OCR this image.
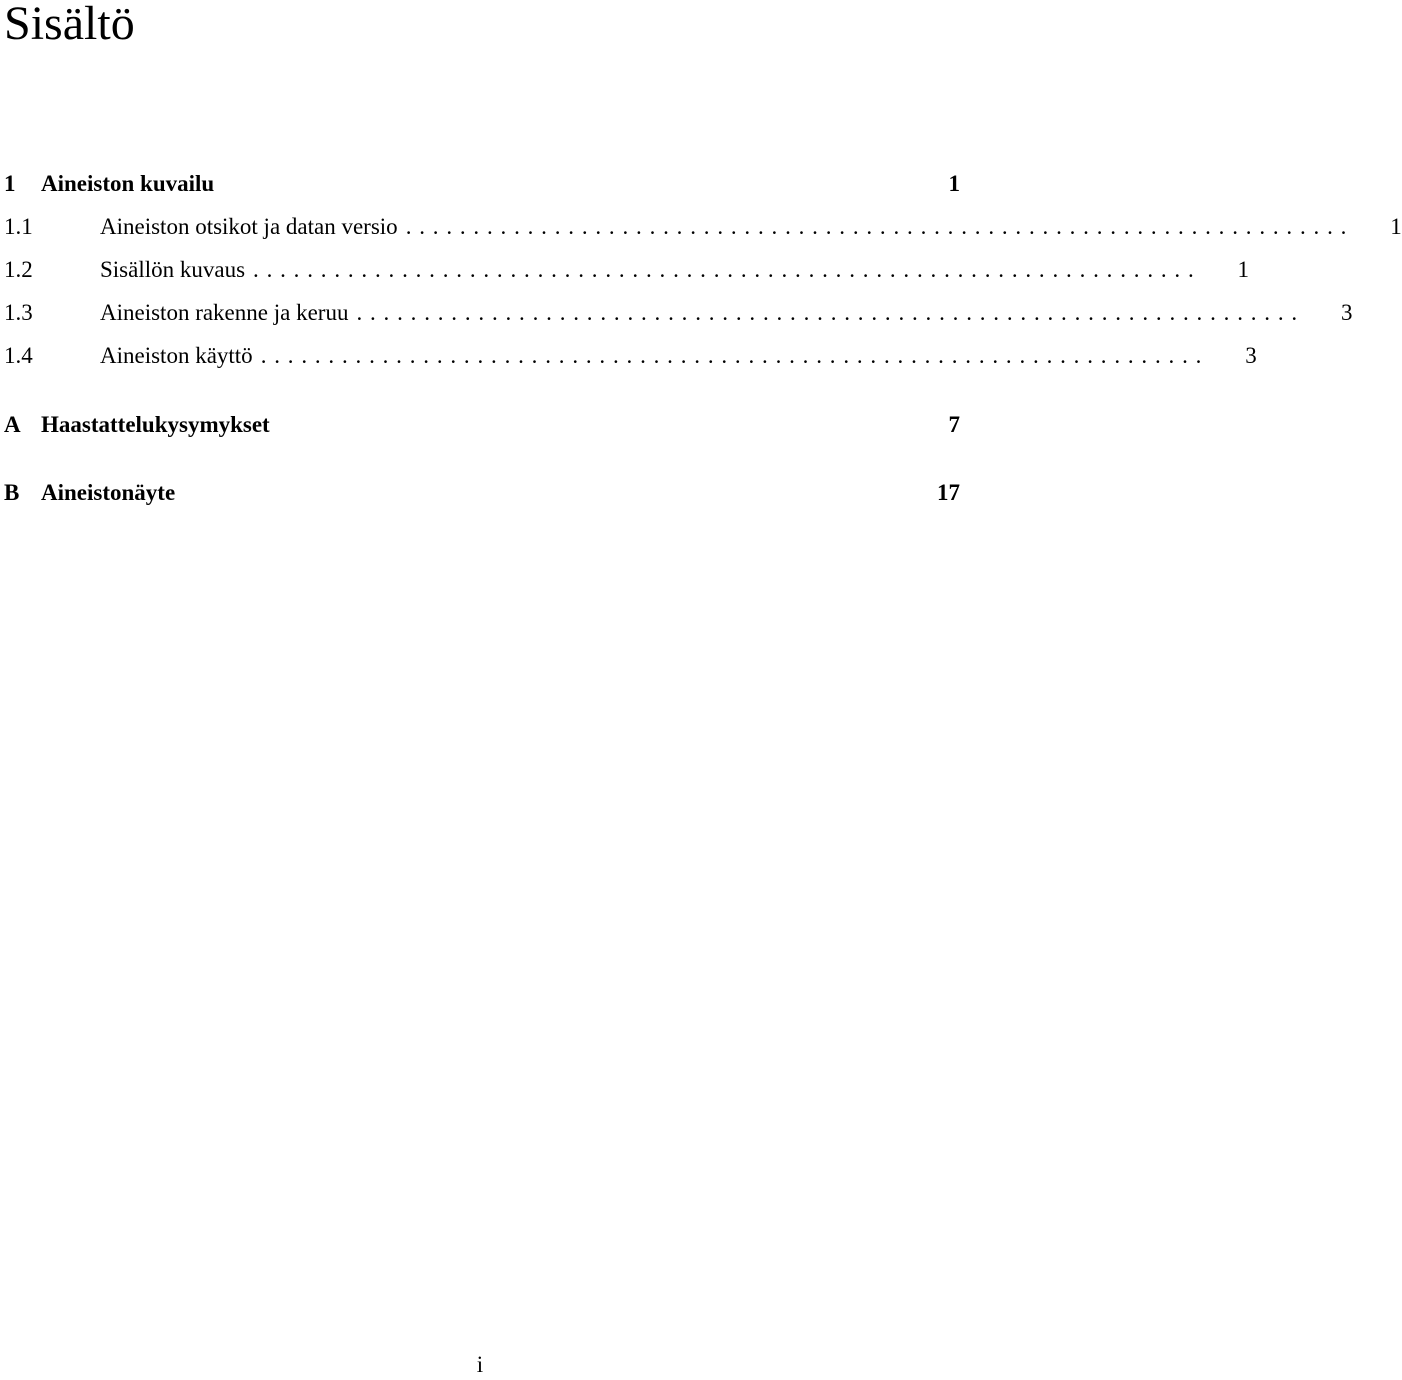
Sisältö
1	Aineiston kuvailu	1
1.1	Aineiston otsikot ja datan versio ...................................................................... 1
1.2	Sisällön kuvaus ...................................................................... 1
1.3	Aineiston rakenne ja keruu ...................................................................... 3
1.4	Aineiston käyttö ...................................................................... 3
A Haastattelukysymykset	7
B Aineistonäyte	17
i
